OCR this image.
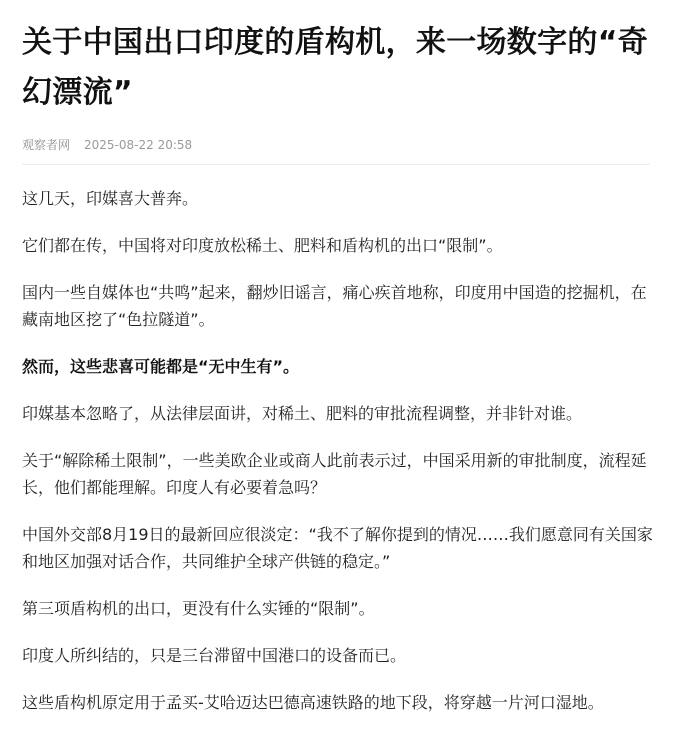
关于中国出口印度的盾构机，来一场数字的“奇幻漂流”
观察者网 2025-08-22 20:58

这几天，印媒喜大普奔。

它们都在传，中国将对印度放松稀土、肥料和盾构机的出口“限制”。

国内一些自媒体也“共鸣”起来，翻炒旧谣言，痛心疾首地称，印度用中国造的挖掘机，在藏南地区挖了“色拉隧道”。

然而，这些悲喜可能都是“无中生有”。

印媒基本忽略了，从法律层面讲，对稀土、肥料的审批流程调整，并非针对谁。

关于“解除稀土限制”，一些美欧企业或商人此前表示过，中国采用新的审批制度，流程延长，他们都能理解。印度人有必要着急吗？

中国外交部8月19日的最新回应很淡定：“我不了解你提到的情况……我们愿意同有关国家和地区加强对话合作，共同维护全球产供链的稳定。”

第三项盾构机的出口，更没有什么实锤的“限制”。

印度人所纠结的，只是三台滞留中国港口的设备而已。

这些盾构机原定用于孟买-艾哈迈达巴德高速铁路的地下段，将穿越一片河口湿地。
